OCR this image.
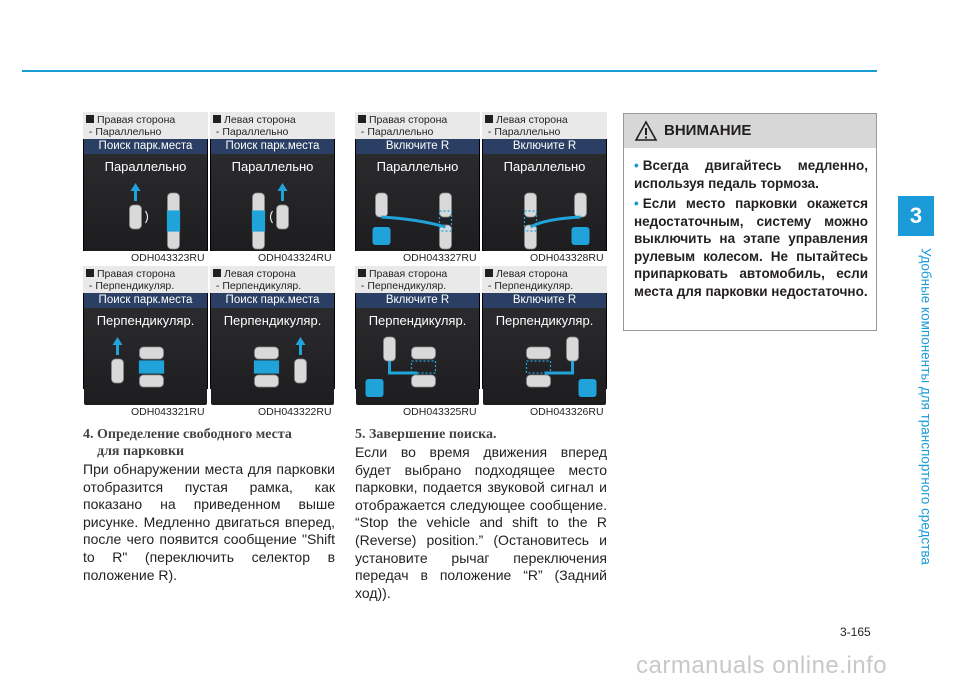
3
Удобные компоненты для транспортного средства
Правая сторона
- Параллельно
Поиск парк.места
Параллельно
ODH043323RU
Левая сторона
- Параллельно
Поиск парк.места
Параллельно
ODH043324RU
Правая сторона
- Перпендикуляр.
Поиск парк.места
Перпендикуляр.
ODH043321RU
Левая сторона
- Перпендикуляр.
Поиск парк.места
Перпендикуляр.
ODH043322RU
Правая сторона
- Параллельно
Включите R
Параллельно
ODH043327RU
Левая сторона
- Параллельно
Включите R
Параллельно
ODH043328RU
Правая сторона
- Перпендикуляр.
Включите R
Перпендикуляр.
ODH043325RU
Левая сторона
- Перпендикуляр.
Включите R
Перпендикуляр.
ODH043326RU
4. Определение свободного места
для парковки
При обнаружении места для парковки отобразится пустая рамка, как показано на приведенном выше рисунке. Медленно двигаться вперед, после чего появится сообщение "Shift to R" (переключить селектор в положение R).
5. Завершение поиска.
Если во время движения вперед будет выбрано подходящее место парковки, подается звуковой сигнал и отображается следующее сообщение. “Stop the vehicle and shift to the R (Reverse) position.” (Остановитесь и установите рычаг переключения передач в положение “R” (Задний ход)).
ВНИМАНИЕ
• Всегда двигайтесь медленно, используя педаль тормоза.
• Если место парковки окажется недостаточным, систему можно выключить на этапе управления рулевым колесом. Не пытайтесь припарковать автомобиль, если места для парковки недостаточно.
3-165
carmanuals online.info
